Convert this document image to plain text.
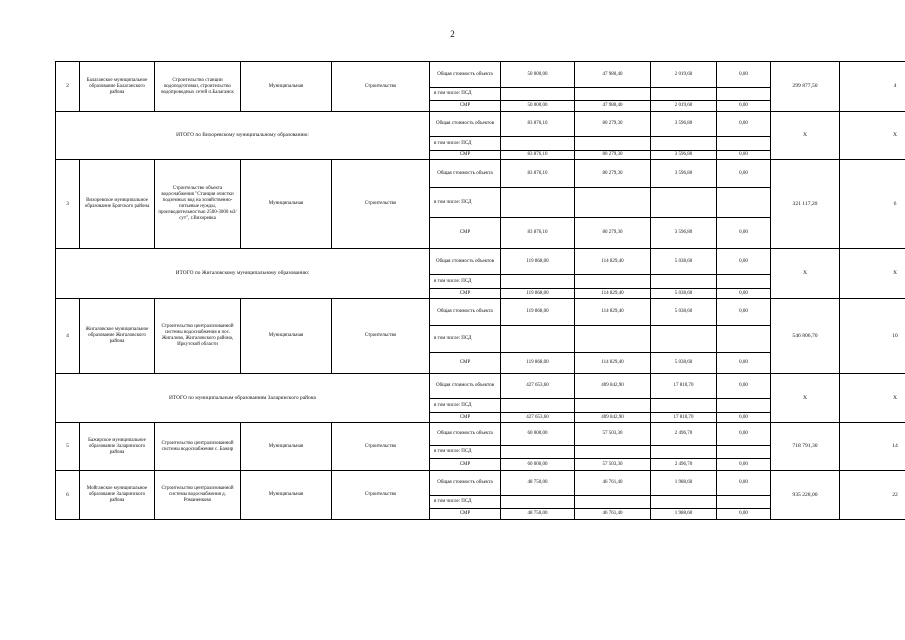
2
2	Балаганское муниципальное образование Балаганского района	Строительство станции водоподготовки, строительство водопроводных сетей п.Балаганск	Муниципальная	Строительство	Общая стоимость объекта	50 000,00	47 980,40	2 019,60	0,00	299 877,50	4
					в том числе: ПСД						
					СМР	50 000,00	47 980,40	2 019,60	0,00		
ИТОГО по Вихоревскому муниципальному образованию:					Общая стоимость объектов	83 876,10	80 279,30	3 596,80	0,00	X	X
					в том числе: ПСД						
					СМР	83 876,10	80 279,30	3 596,80	0,00		
3	Вихоревское муниципальное образование Братского района	Строительство объекта водоснабжения "Станция очистки подземных вод на хозяйственно-питьевые нужды, производительностью 2500-3000 м3/сут", г.Вихоревка	Муниципальная	Строительство	Общая стоимость объекта	83 876,10	80 279,30	3 596,80	0,00	321 117,20	6
					в том числе: ПСД						
					СМР	83 876,10	80 279,30	3 596,80	0,00		
ИТОГО по Жигаловскому муниципальному образованию:					Общая стоимость объектов	119 868,00	114 829,40	5 038,60	0,00	X	X
					в том числе: ПСД						
					СМР	119 868,00	114 829,40	5 038,60	0,00		
4	Жигаловское муниципальное образование Жигаловского района	Строительство централизованной системы водоснабжения в пос. Жигалово, Жигаловского района, Иркутской области	Муниципальная	Строительство	Общая стоимость объекта	119 868,00	114 829,40	5 038,60	0,00	546 806,70	10
					в том числе: ПСД						
					СМР	119 868,00	114 829,40	5 038,60	0,00		
ИТОГО по муниципальным образованиям Заларинского района					Общая стоимость объектов	427 653,60	409 842,90	17 810,70	0,00	X	X
					в том числе: ПСД						
					СМР	427 653,60	409 842,90	17 810,70	0,00		
5	Бажирское муниципальное образование Заларинского района	Строительство централизованной системы водоснабжения с. Бажир	Муниципальная	Строительство	Общая стоимость объекта	60 000,00	57 503,30	2 496,70	0,00	718 791,30	14
					в том числе: ПСД						
					СМР	60 000,00	57 503,30	2 496,70	0,00		
6	Мойганское муниципальное образование Заларинского района	Строительство централизованной системы водоснабжения д. Романенково	Муниципальная	Строительство	Общая стоимость объекта	48 750,00	46 761,40	1 988,60	0,00	935 228,00	22
					в том числе: ПСД						
					СМР	48 750,00	46 761,40	1 988,60	0,00		
